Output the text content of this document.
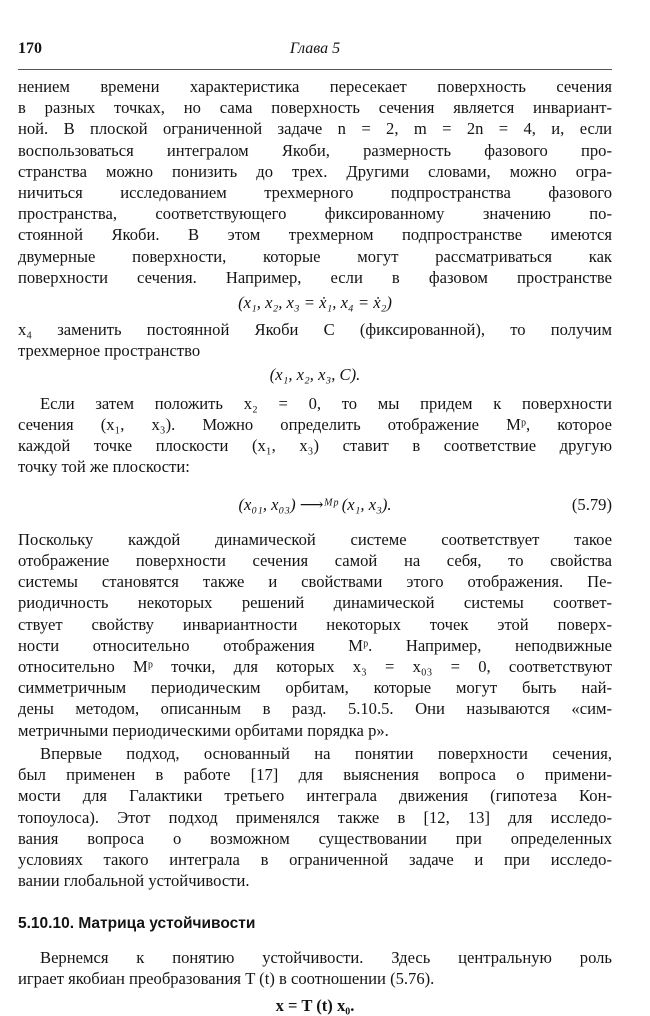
170	Глава 5
нением времени характеристика пересекает поверхность сечения
в разных точках, но сама поверхность сечения является инвариант-
ной. В плоской ограниченной задаче n = 2, m = 2n = 4, и, если
воспользоваться интегралом Якоби, размерность фазового про-
странства можно понизить до трех. Другими словами, можно огра-
ничиться исследованием трехмерного подпространства фазового
пространства, соответствующего фиксированному значению по-
стоянной Якоби. В этом трехмерном подпространстве имеются
двумерные поверхности, которые могут рассматриваться как
поверхности сечения. Например, если в фазовом пространстве
(x₁, x₂, x₃ = ẋ₁, x₄ = ẋ₂)
x₄ заменить постоянной Якоби C (фиксированной), то получим
трехмерное пространство
(x₁, x₂, x₃, C).
Если затем положить x₂ = 0, то мы придем к поверхности
сечения (x₁, x₃). Можно определить отображение Mᵖ, которое
каждой точке плоскости (x₁, x₃) ставит в соответствие другую
точку той же плоскости:
(x₀₁, x₀₃) ⟶ᴹᵖ (x₁, x₃).	(5.79)
Поскольку каждой динамической системе соответствует такое
отображение поверхности сечения самой на себя, то свойства
системы становятся также и свойствами этого отображения. Пе-
риодичность некоторых решений динамической системы соответ-
ствует свойству инвариантности некоторых точек этой поверх-
ности относительно отображения Mᵖ. Например, неподвижные
относительно Mᵖ точки, для которых x₃ = x₀₃ = 0, соответствуют
симметричным периодическим орбитам, которые могут быть най-
дены методом, описанным в разд. 5.10.5. Они называются «сим-
метричными периодическими орбитами порядка p».
Впервые подход, основанный на понятии поверхности сечения,
был применен в работе [17] для выяснения вопроса о примени-
мости для Галактики третьего интеграла движения (гипотеза Кон-
топоулоса). Этот подход применялся также в [12, 13] для исследо-
вания вопроса о возможном существовании при определенных
условиях такого интеграла в ограниченной задаче и при исследо-
вании глобальной устойчивости.
5.10.10. Матрица устойчивости
Вернемся к понятию устойчивости. Здесь центральную роль
играет якобиан преобразования T (t) в соотношении (5.76).
x = T (t) x₀.
